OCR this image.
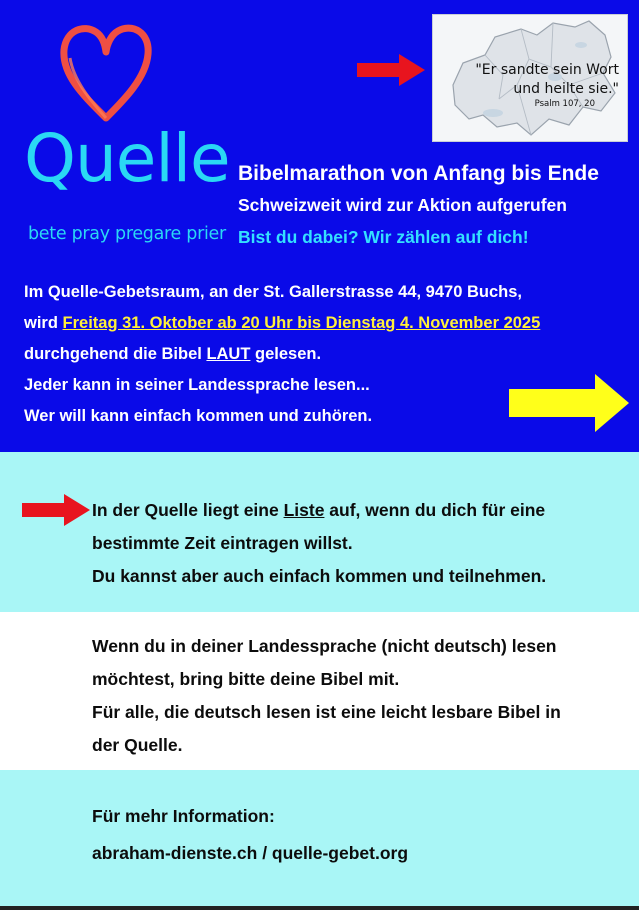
Quelle
bete pray pregare prier
"Er sandte sein Wort
und heilte sie."
Psalm 107, 20
Bibelmarathon von Anfang bis Ende
Schweizweit wird zur Aktion aufgerufen
Bist du dabei? Wir zählen auf dich!
Im Quelle-Gebetsraum, an der St. Gallerstrasse 44, 9470 Buchs,
wird Freitag 31. Oktober ab 20 Uhr bis Dienstag 4. November 2025
durchgehend die Bibel LAUT gelesen.
Jeder kann in seiner Landessprache lesen...
Wer will kann einfach kommen und zuhören.
In der Quelle liegt eine Liste auf, wenn du dich für eine
bestimmte Zeit eintragen willst.
Du kannst aber auch einfach kommen und teilnehmen.
Wenn du in deiner Landessprache (nicht deutsch) lesen
möchtest, bring bitte deine Bibel mit.
Für alle, die deutsch lesen ist eine leicht lesbare Bibel in
der Quelle.
Für mehr Information:
abraham-dienste.ch / quelle-gebet.org
